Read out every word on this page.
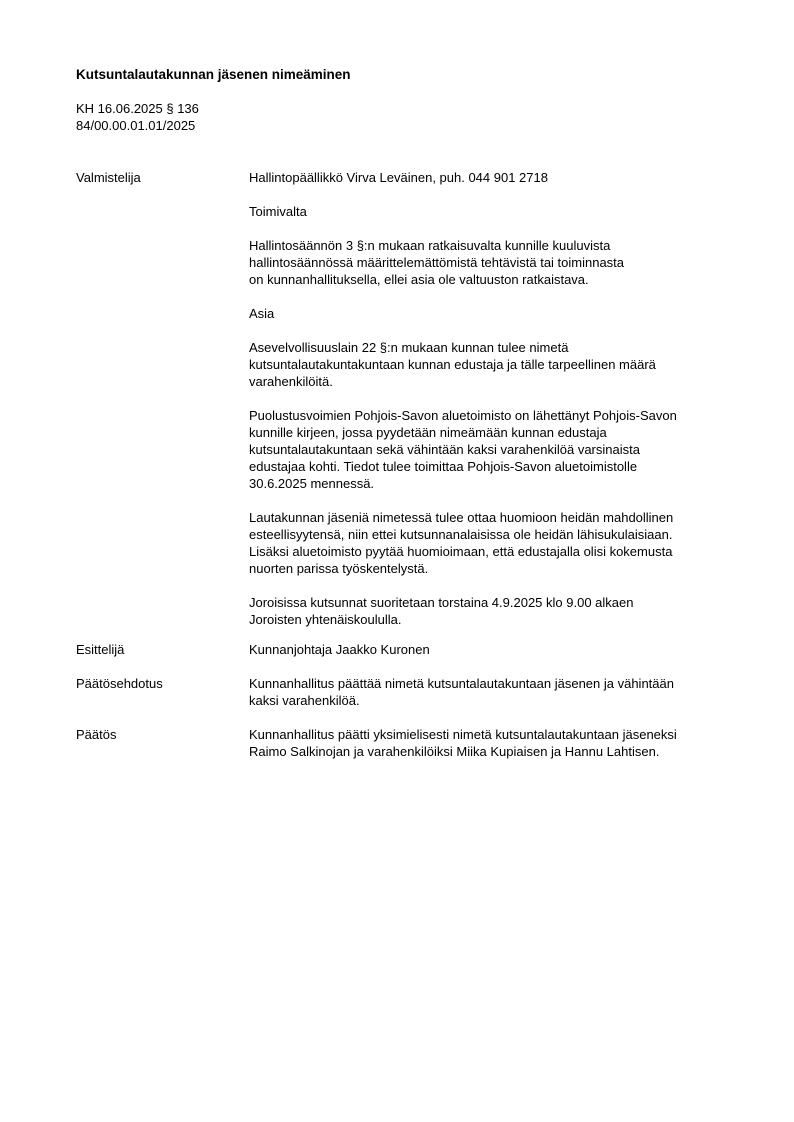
Kutsuntalautakunnan jäsenen nimeäminen
KH 16.06.2025 § 136
84/00.00.01.01/2025
Valmistelija	Hallintopäällikkö Virva Leväinen, puh. 044 901 2718

Toimivalta

Hallintosäännön 3 §:n mukaan ratkaisuvalta kunnille kuuluvista
hallintosäännössä määrittelemättömistä tehtävistä tai toiminnasta
on kunnanhallituksella, ellei asia ole valtuuston ratkaistava.

Asia

Asevelvollisuuslain 22 §:n mukaan kunnan tulee nimetä
kutsuntalautakuntakuntaan kunnan edustaja ja tälle tarpeellinen määrä
varahenkilöitä.

Puolustusvoimien Pohjois-Savon aluetoimisto on lähettänyt Pohjois-Savon
kunnille kirjeen, jossa pyydetään nimeämään kunnan edustaja
kutsuntalautakuntaan sekä vähintään kaksi varahenkilöä varsinaista
edustajaa kohti. Tiedot tulee toimittaa Pohjois-Savon aluetoimistolle
30.6.2025 mennessä.

Lautakunnan jäseniä nimetessä tulee ottaa huomioon heidän mahdollinen
esteellisyytensä, niin ettei kutsunnanalaisissa ole heidän lähisukulaisiaan.
Lisäksi aluetoimisto pyytää huomioimaan, että edustajalla olisi kokemusta
nuorten parissa työskentelystä.

Joroisissa kutsunnat suoritetaan torstaina 4.9.2025 klo 9.00 alkaen
Joroisten yhtenäiskoululla.

Esittelijä	Kunnanjohtaja Jaakko Kuronen
Päätösehdotus	Kunnanhallitus päättää nimetä kutsuntalautakuntaan jäsenen ja vähintään
kaksi varahenkilöä.
Päätös	Kunnanhallitus päätti yksimielisesti nimetä kutsuntalautakuntaan jäseneksi
Raimo Salkinojan ja varahenkilöiksi Miika Kupiaisen ja Hannu Lahtisen.
